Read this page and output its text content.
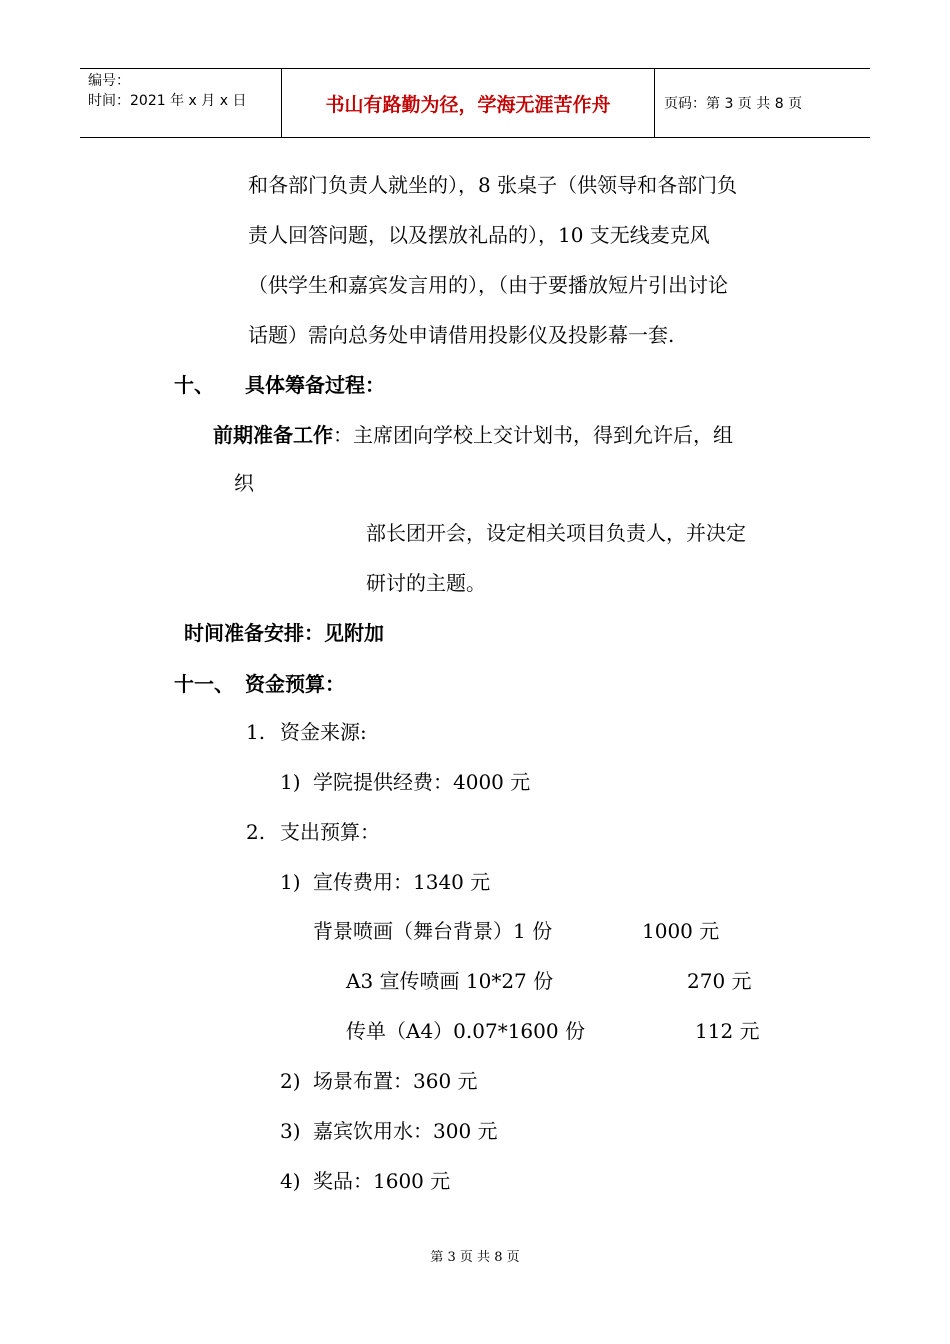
编号：
时间：2021 年 x 月 x 日	书山有路勤为径，学海无涯苦作舟	页码：第 3 页 共 8 页
和各部门负责人就坐的），8 张桌子（供领导和各部门负
责人回答问题，以及摆放礼品的），10 支无线麦克风
（供学生和嘉宾发言用的），（由于要播放短片引出讨论
话题）需向总务处申请借用投影仪及投影幕一套.
十、 具体筹备过程：
前期准备工作：主席团向学校上交计划书，得到允许后，组
织
部长团开会，设定相关项目负责人，并决定
研讨的主题。
时间准备安排：见附加
十一、 资金预算：
1. 资金来源:
1) 学院提供经费：4000 元
2. 支出预算：
1) 宣传费用：1340 元
背景喷画（舞台背景）1 份	1000 元
A3 宣传喷画 10*27 份	270 元
传单（A4）0.07*1600 份	112 元
2) 场景布置：360 元
3) 嘉宾饮用水：300 元
4) 奖品：1600 元
第 3 页 共 8 页
